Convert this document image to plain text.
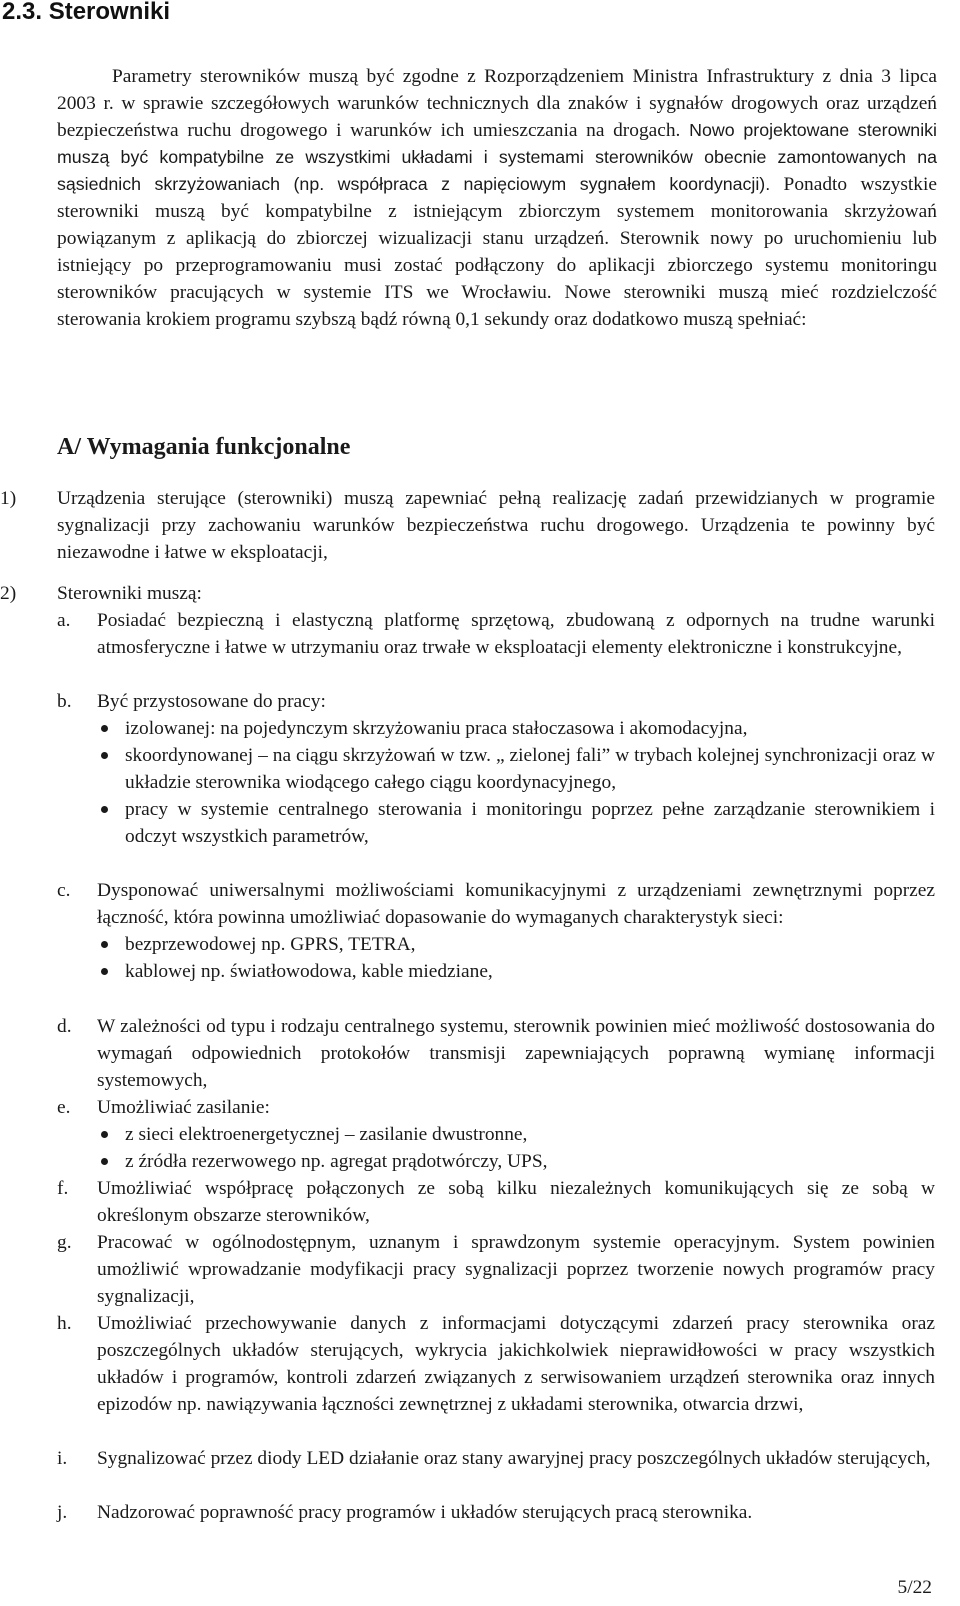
2.3. Sterowniki

Parametry sterowników muszą być zgodne z Rozporządzeniem Ministra Infrastruktury z dnia 3 lipca 2003 r. w sprawie szczegółowych warunków technicznych dla znaków i sygnałów drogowych oraz urządzeń bezpieczeństwa ruchu drogowego i warunków ich umieszczania na drogach. Nowo projektowane sterowniki muszą być kompatybilne ze wszystkimi układami i systemami sterowników obecnie zamontowanych na sąsiednich skrzyżowaniach (np. współpraca z napięciowym sygnałem koordynacji). Ponadto wszystkie sterowniki muszą być kompatybilne z istniejącym zbiorczym systemem monitorowania skrzyżowań powiązanym z aplikacją do zbiorczej wizualizacji stanu urządzeń. Sterownik nowy po uruchomieniu lub istniejący po przeprogramowaniu musi zostać podłączony do aplikacji zbiorczego systemu monitoringu sterowników pracujących w systemie ITS we Wrocławiu. Nowe sterowniki muszą mieć rozdzielczość sterowania krokiem programu szybszą bądź równą 0,1 sekundy oraz dodatkowo muszą spełniać:

A/ Wymagania funkcjonalne
1) Urządzenia sterujące (sterowniki) muszą zapewniać pełną realizację zadań przewidzianych w programie sygnalizacji przy zachowaniu warunków bezpieczeństwa ruchu drogowego. Urządzenia te powinny być niezawodne i łatwe w eksploatacji,
2) Sterowniki muszą:
a. Posiadać bezpieczną i elastyczną platformę sprzętową, zbudowaną z odpornych na trudne warunki atmosferyczne i łatwe w utrzymaniu oraz trwałe w eksploatacji elementy elektroniczne i konstrukcyjne,

b. Być przystosowane do pracy:

izolowanej: na pojedynczym skrzyżowaniu praca stałoczasowa i akomodacyjna,
skoordynowanej – na ciągu skrzyżowań w tzw. „ zielonej fali” w trybach kolejnej synchronizacji oraz w układzie sterownika wiodącego całego ciągu koordynacyjnego,
pracy w systemie centralnego sterowania i monitoringu poprzez pełne zarządzanie sterownikiem i odczyt wszystkich parametrów,
c. Dysponować uniwersalnymi możliwościami komunikacyjnymi z urządzeniami zewnętrznymi poprzez łączność, która powinna umożliwiać dopasowanie do wymaganych charakterystyk sieci:

bezprzewodowej np. GPRS, TETRA,
kablowej np. światłowodowa, kable miedziane,
d. W zależności od typu i rodzaju centralnego systemu, sterownik powinien mieć możliwość dostosowania do wymagań odpowiednich protokołów transmisji zapewniających poprawną wymianę informacji systemowych,

e. Umożliwiać zasilanie:

z sieci elektroenergetycznej – zasilanie dwustronne,
z źródła rezerwowego np. agregat prądotwórczy, UPS,
f. Umożliwiać współpracę połączonych ze sobą kilku niezależnych komunikujących się ze sobą w określonym obszarze sterowników,

g. Pracować w ogólnodostępnym, uznanym i sprawdzonym systemie operacyjnym. System powinien umożliwić wprowadzanie modyfikacji pracy sygnalizacji poprzez tworzenie nowych programów pracy sygnalizacji,

h. Umożliwiać przechowywanie danych z informacjami dotyczącymi zdarzeń pracy sterownika oraz poszczególnych układów sterujących, wykrycia jakichkolwiek nieprawidłowości w pracy wszystkich układów i programów, kontroli zdarzeń związanych z serwisowaniem urządzeń sterownika oraz innych epizodów np. nawiązywania łączności zewnętrznej z układami sterownika, otwarcia drzwi,

i. Sygnalizować przez diody LED działanie oraz stany awaryjnej pracy poszczególnych układów sterujących,

j. Nadzorować poprawność pracy programów i układów sterujących pracą sterownika.

5/22
